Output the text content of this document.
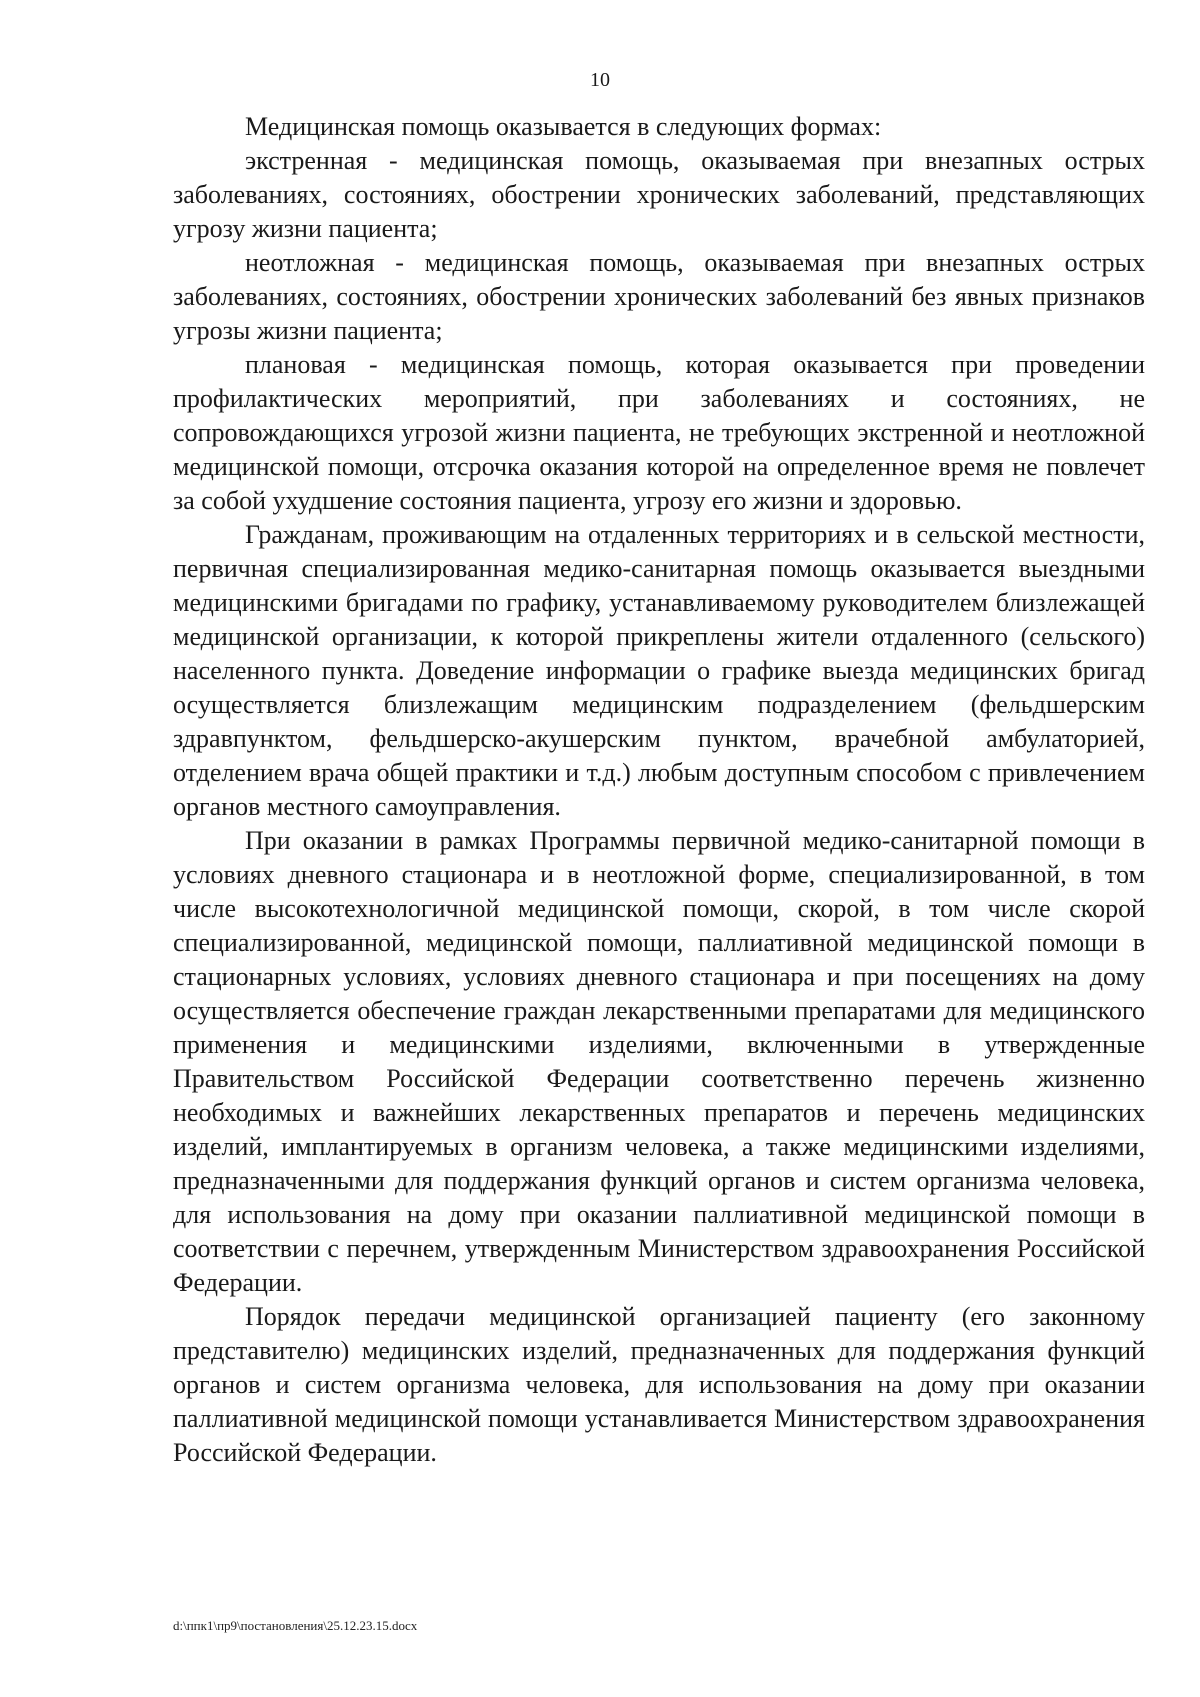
10

Медицинская помощь оказывается в следующих формах:

экстренная - медицинская помощь, оказываемая при внезапных острых заболеваниях, состояниях, обострении хронических заболеваний, представляющих угрозу жизни пациента;

неотложная - медицинская помощь, оказываемая при внезапных острых заболеваниях, состояниях, обострении хронических заболеваний без явных признаков угрозы жизни пациента;

плановая - медицинская помощь, которая оказывается при проведении профилактических мероприятий, при заболеваниях и состояниях, не сопровождающихся угрозой жизни пациента, не требующих экстренной и неотложной медицинской помощи, отсрочка оказания которой на определенное время не повлечет за собой ухудшение состояния пациента, угрозу его жизни и здоровью.

Гражданам, проживающим на отдаленных территориях и в сельской местности, первичная специализированная медико-санитарная помощь оказывается выездными медицинскими бригадами по графику, устанавливаемому руководителем близлежащей медицинской организации, к которой прикреплены жители отдаленного (сельского) населенного пункта. Доведение информации о графике выезда медицинских бригад осуществляется близлежащим медицинским подразделением (фельдшерским здравпунктом, фельдшерско-акушерским пунктом, врачебной амбулаторией, отделением врача общей практики и т.д.) любым доступным способом с привлечением органов местного самоуправления.

При оказании в рамках Программы первичной медико-санитарной помощи в условиях дневного стационара и в неотложной форме, специализированной, в том числе высокотехнологичной медицинской помощи, скорой, в том числе скорой специализированной, медицинской помощи, паллиативной медицинской помощи в стационарных условиях, условиях дневного стационара и при посещениях на дому осуществляется обеспечение граждан лекарственными препаратами для медицинского применения и медицинскими изделиями, включенными в утвержденные Правительством Российской Федерации соответственно перечень жизненно необходимых и важнейших лекарственных препаратов и перечень медицинских изделий, имплантируемых в организм человека, а также медицинскими изделиями, предназначенными для поддержания функций органов и систем организма человека, для использования на дому при оказании паллиативной медицинской помощи в соответствии с перечнем, утвержденным Министерством здравоохранения Российской Федерации.

Порядок передачи медицинской организацией пациенту (его законному представителю) медицинских изделий, предназначенных для поддержания функций органов и систем организма человека, для использования на дому при оказании паллиативной медицинской помощи устанавливается Министерством здравоохранения Российской Федерации.

d:\ппк1\пр9\постановления\25.12.23.15.docx
